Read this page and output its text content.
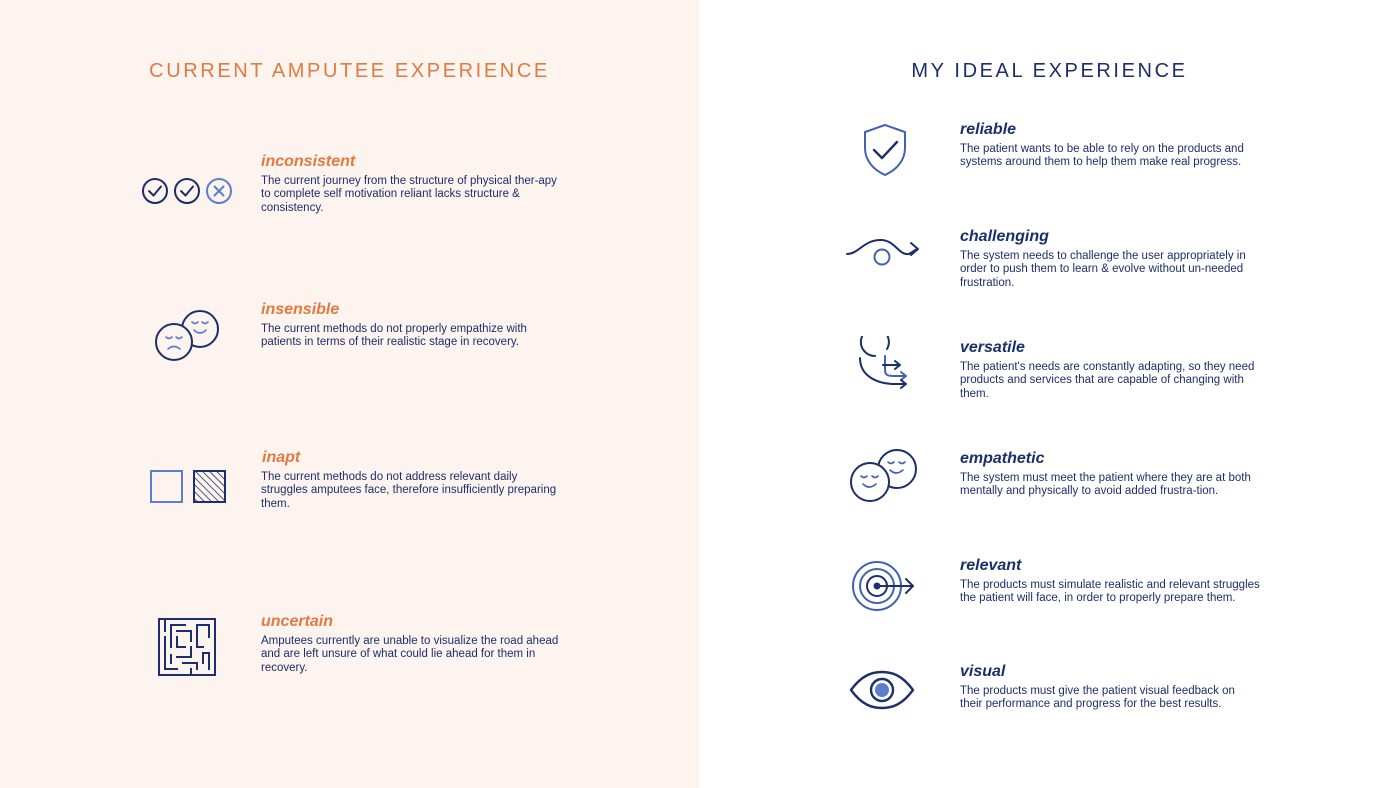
CURRENT AMPUTEE EXPERIENCE

inconsistent

The current journey from the structure of physical ther-apy to complete self motivation reliant lacks structure & consistency.

insensible

The current methods do not properly empathize with patients in terms of their realistic stage in recovery.

inapt

The current methods do not address relevant daily struggles amputees face, therefore insufficiently preparing them.

uncertain

Amputees currently are unable to visualize the road ahead and are left unsure of what could lie ahead for them in recovery.

MY IDEAL EXPERIENCE

reliable

The patient wants to be able to rely on the products and systems around them to help them make real progress.

challenging

The system needs to challenge the user appropriately in order to push them to learn & evolve without un-needed frustration.

versatile

The patient's needs are constantly adapting, so they need products and services that are capable of changing with them.

empathetic

The system must meet the patient where they are at both mentally and physically to avoid added frustra-tion.

relevant

The products must simulate realistic and relevant struggles the patient will face, in order to properly prepare them.

visual

The products must give the patient visual feedback on their performance and progress for the best results.
